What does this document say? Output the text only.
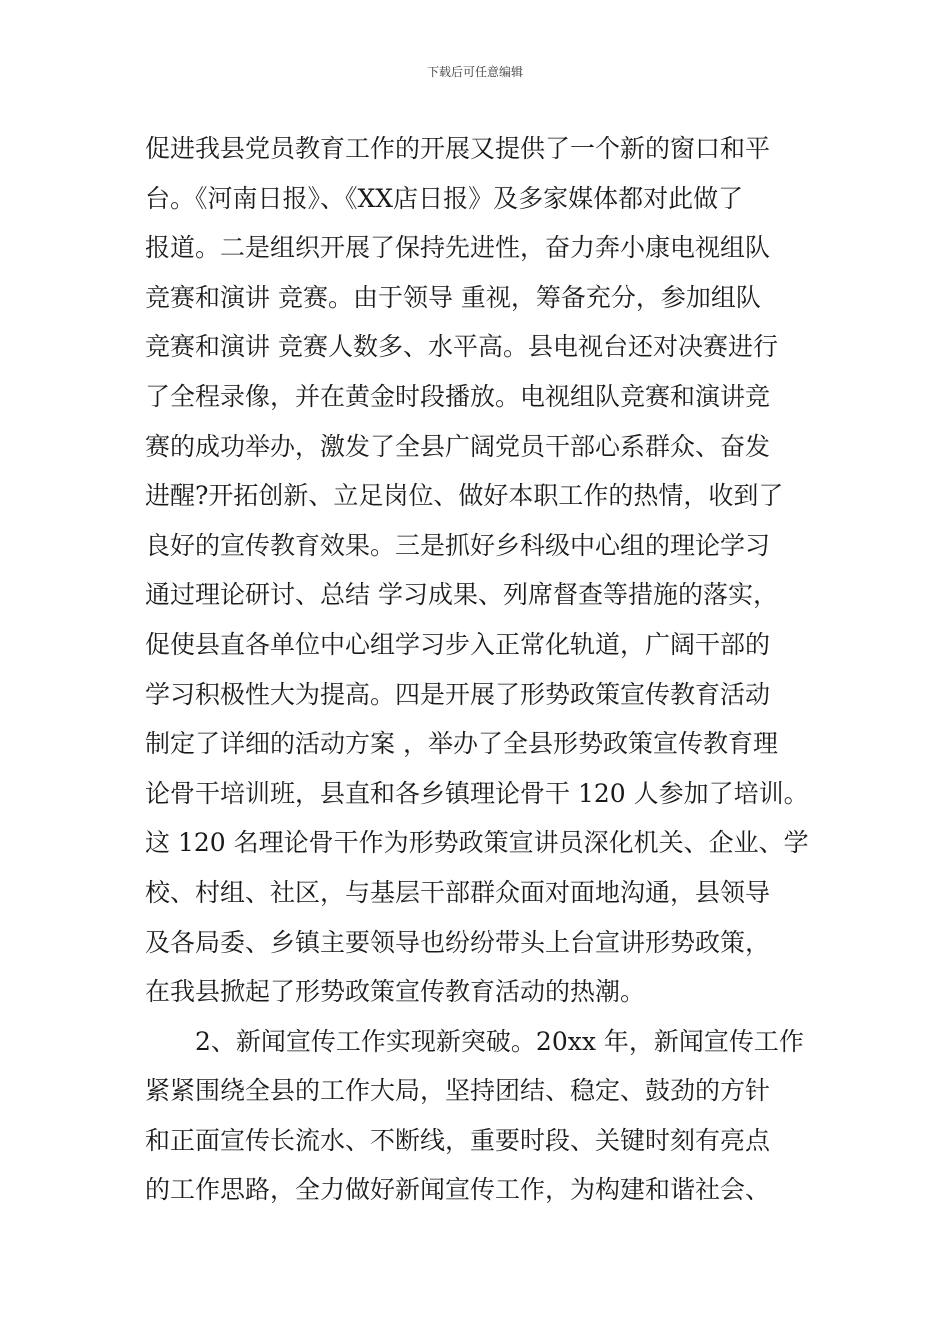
下载后可任意编辑
促进我县党员教育工作的开展又提供了一个新的窗口和平
台。《河南日报》、《XX店日报》及多家媒体都对此做了
报道。二是组织开展了保持先进性，奋力奔小康电视组队
竞赛和演讲 竞赛。由于领导 重视，筹备充分，参加组队
竞赛和演讲 竞赛人数多、水平高。县电视台还对决赛进行
了全程录像，并在黄金时段播放。电视组队竞赛和演讲竞
赛的成功举办，激发了全县广阔党员干部心系群众、奋发
进醒?开拓创新、立足岗位、做好本职工作的热情，收到了
良好的宣传教育效果。三是抓好乡科级中心组的理论学习
通过理论研讨、总结 学习成果、列席督查等措施的落实，
促使县直各单位中心组学习步入正常化轨道，广阔干部的
学习积极性大为提高。四是开展了形势政策宣传教育活动
制定了详细的活动方案 ，举办了全县形势政策宣传教育理
论骨干培训班，县直和各乡镇理论骨干 120 人参加了培训。
这 120 名理论骨干作为形势政策宣讲员深化机关、企业、学
校、村组、社区，与基层干部群众面对面地沟通，县领导
及各局委、乡镇主要领导也纷纷带头上台宣讲形势政策，
在我县掀起了形势政策宣传教育活动的热潮。
2、新闻宣传工作实现新突破。20xx 年，新闻宣传工作
紧紧围绕全县的工作大局，坚持团结、稳定、鼓劲的方针
和正面宣传长流水、不断线，重要时段、关键时刻有亮点
的工作思路，全力做好新闻宣传工作，为构建和谐社会、
